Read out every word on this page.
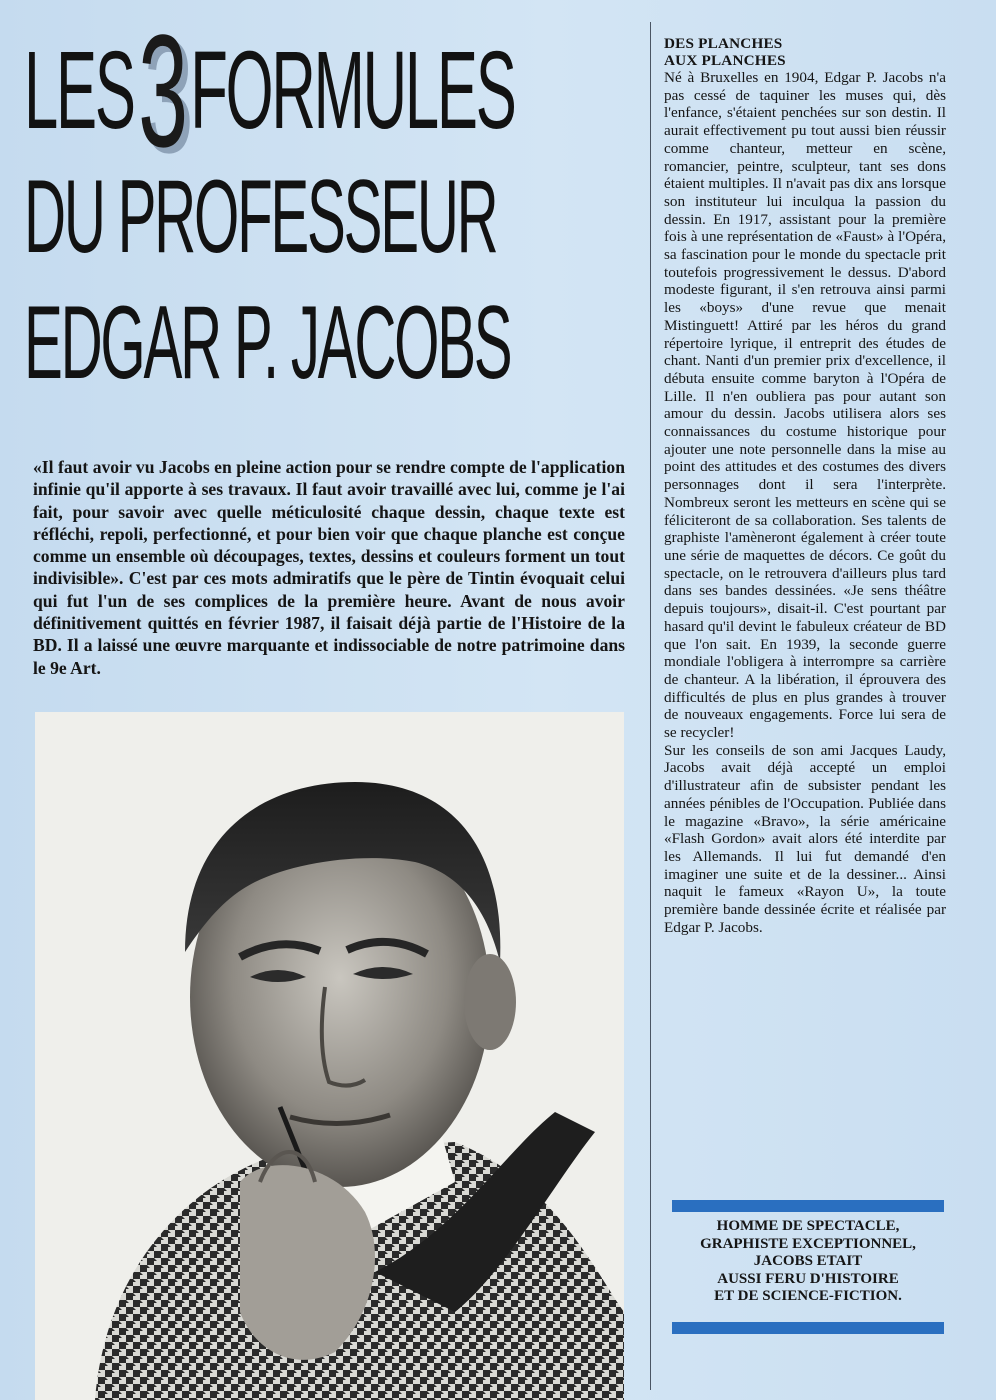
LES3FORMULES
DU PROFESSEUR
EDGAR P. JACOBS

«Il faut avoir vu Jacobs en pleine action pour se rendre compte de l'application infinie qu'il apporte à ses travaux. Il faut avoir travaillé avec lui, comme je l'ai fait, pour savoir avec quelle méticulosité chaque dessin, chaque texte est réfléchi, repoli, perfectionné, et pour bien voir que chaque planche est conçue comme un ensemble où découpages, textes, dessins et couleurs forment un tout indivisible». C'est par ces mots admiratifs que le père de Tintin évoquait celui qui fut l'un de ses complices de la première heure. Avant de nous avoir définitivement quittés en février 1987, il faisait déjà partie de l'Histoire de la BD. Il a laissé une œuvre marquante et indissociable de notre patrimoine dans le 9e Art.

DES PLANCHES
AUX PLANCHES

Né à Bruxelles en 1904, Edgar P. Jacobs n'a pas cessé de taquiner les muses qui, dès l'enfance, s'étaient penchées sur son destin. Il aurait effectivement pu tout aussi bien réussir comme chanteur, metteur en scène, romancier, peintre, sculpteur, tant ses dons étaient multiples. Il n'avait pas dix ans lorsque son instituteur lui inculqua la passion du dessin. En 1917, assistant pour la première fois à une représentation de «Faust» à l'Opéra, sa fascination pour le monde du spectacle prit toutefois progressivement le dessus. D'abord modeste figurant, il s'en retrouva ainsi parmi les «boys» d'une revue que menait Mistinguett! Attiré par les héros du grand répertoire lyrique, il entreprit des études de chant. Nanti d'un premier prix d'excellence, il débuta ensuite comme baryton à l'Opéra de Lille. Il n'en oubliera pas pour autant son amour du dessin. Jacobs utilisera alors ses connaissances du costume historique pour ajouter une note personnelle dans la mise au point des attitudes et des costumes des divers personnages dont il sera l'interprète. Nombreux seront les metteurs en scène qui se féliciteront de sa collaboration. Ses talents de graphiste l'amèneront également à créer toute une série de maquettes de décors. Ce goût du spectacle, on le retrouvera d'ailleurs plus tard dans ses bandes dessinées. «Je sens théâtre depuis toujours», disait-il. C'est pourtant par hasard qu'il devint le fabuleux créateur de BD que l'on sait. En 1939, la seconde guerre mondiale l'obligera à interrompre sa carrière de chanteur. A la libération, il éprouvera des difficultés de plus en plus grandes à trouver de nouveaux engagements. Force lui sera de se recycler!

Sur les conseils de son ami Jacques Laudy, Jacobs avait déjà accepté un emploi d'illustrateur afin de subsister pendant les années pénibles de l'Occupation. Publiée dans le magazine «Bravo», la série américaine «Flash Gordon» avait alors été interdite par les Allemands. Il lui fut demandé d'en imaginer une suite et de la dessiner... Ainsi naquit le fameux «Rayon U», la toute première bande dessinée écrite et réalisée par Edgar P. Jacobs.

HOMME DE SPECTACLE,
GRAPHISTE EXCEPTIONNEL,
JACOBS ETAIT
AUSSI FERU D'HISTOIRE
ET DE SCIENCE-FICTION.
